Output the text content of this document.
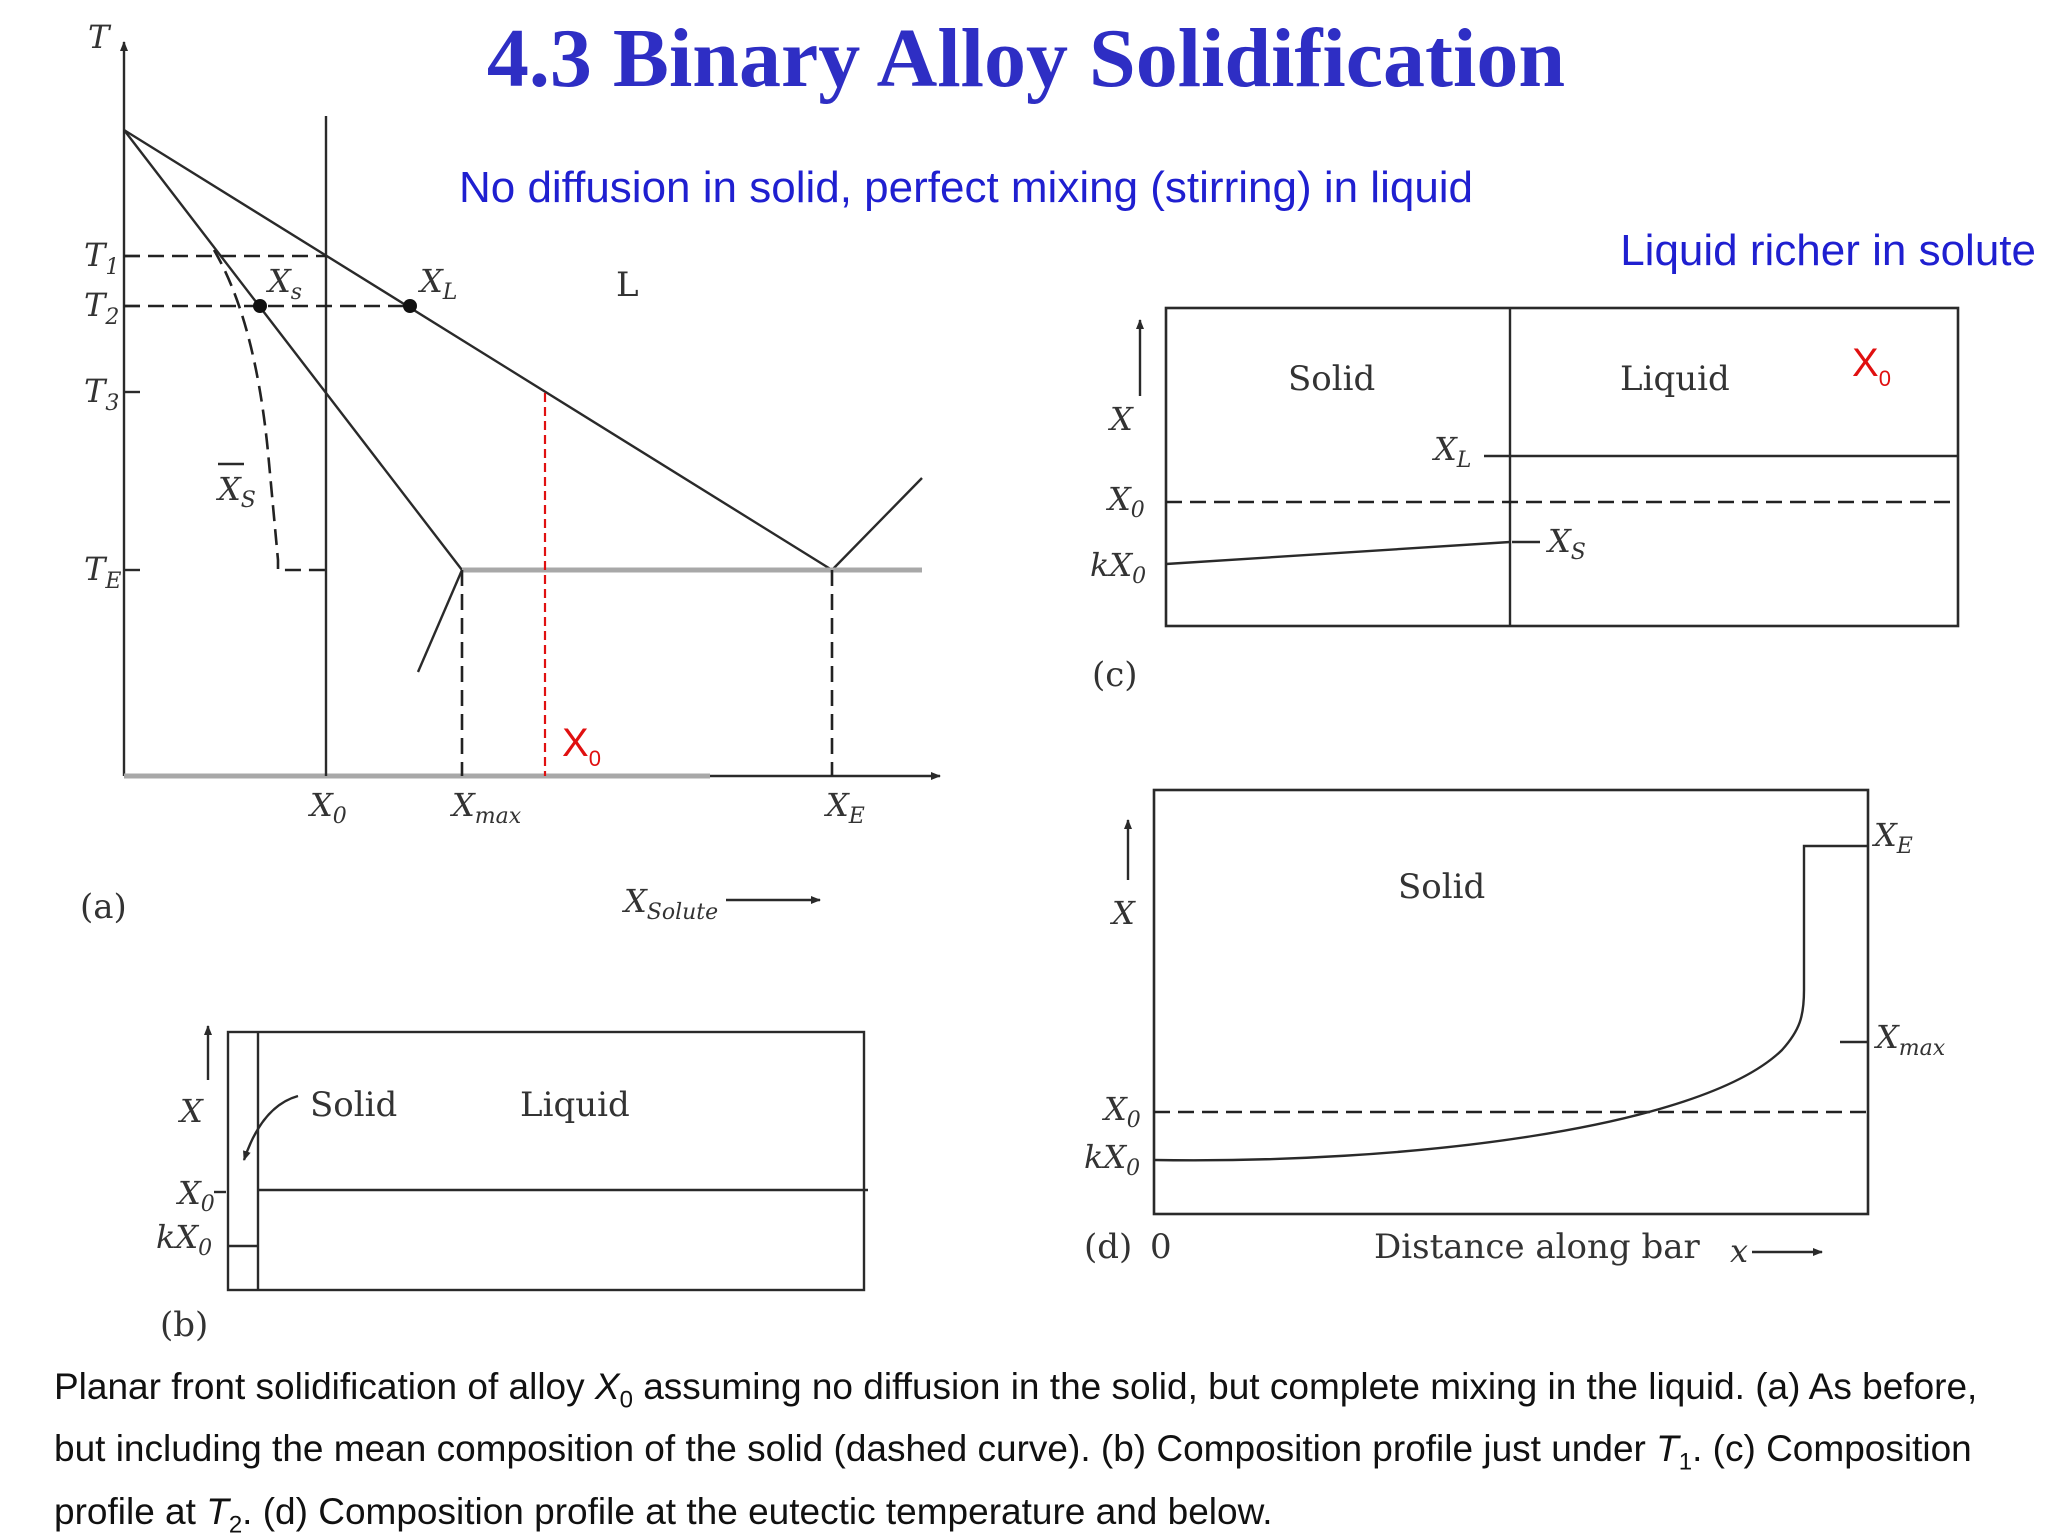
4.3 Binary Alloy Solidification
No diffusion in solid, perfect mixing (stirring) in liquid
Liquid richer in solute
T
$T_1$
$T_2$
$T_3$
$T_E$
$X_s$	$X_L$	L
$X_S$
$X_0$
$X_0$	$X_{max}$	$X_E$
$X_{Solute}$
(a)
X	Solid	Liquid
$X_0$
$kX_0$
(b)
X
Solid	Liquid	$X_0$
$X_L$
$X_0$
$kX_0$
$X_S$
(c)
X
Solid
$X_E$
$X_{max}$
$X_0$
$kX_0$
(d) 0	Distance along bar x
Planar front solidification of alloy $X_0$ assuming no diffusion in the solid, but complete mixing in the liquid. (a) As before, but including the mean composition of the solid (dashed curve). (b) Composition profile just under $T_1$. (c) Composition profile at $T_2$. (d) Composition profile at the eutectic temperature and below.
